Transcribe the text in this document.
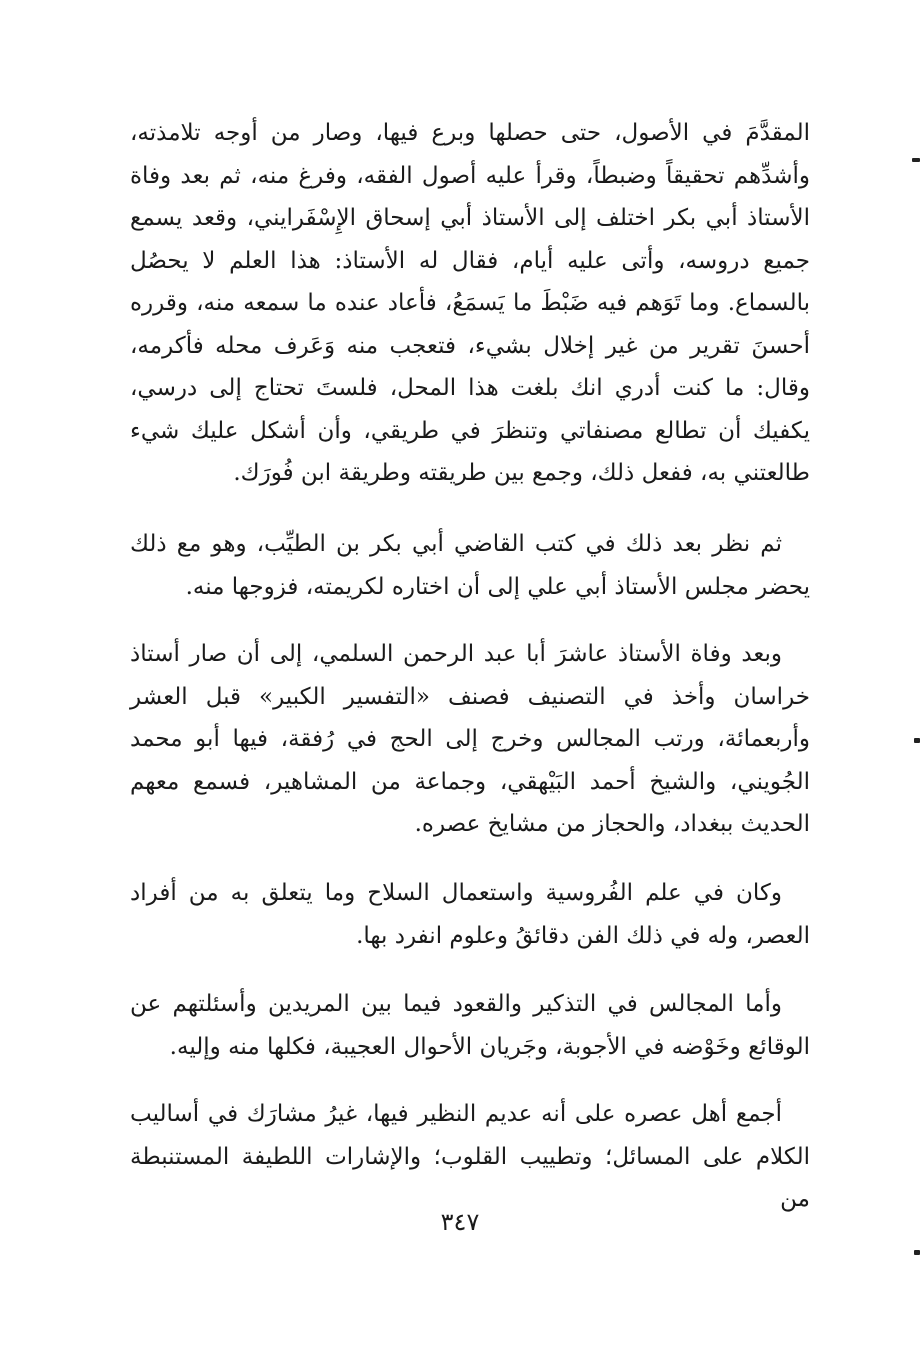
المقدَّمَ في الأصول، حتى حصلها وبرع فيها، وصار من أوجه تلامذته، وأشدِّهم تحقيقاً وضبطاً، وقرأ عليه أصول الفقه، وفرغ منه، ثم بعد وفاة الأستاذ أبي بكر اختلف إلى الأستاذ أبي إسحاق الإِسْفَرايني، وقعد يسمع جميع دروسه، وأتى عليه أيام، فقال له الأستاذ: هذا العلم لا يحصُل بالسماع. وما تَوَهم فيه ضَبْطَ ما يَسمَعُ، فأعاد عنده ما سمعه منه، وقرره أحسنَ تقرير من غير إخلال بشيء، فتعجب منه وَعَرف محله فأكرمه، وقال: ما كنت أدري انك بلغت هذا المحل، فلستَ تحتاج إلى درسي، يكفيك أن تطالع مصنفاتي وتنظرَ في طريقي، وأن أشكل عليك شيء طالعتني به، ففعل ذلك، وجمع بين طريقته وطريقة ابن فُورَك.

ثم نظر بعد ذلك في كتب القاضي أبي بكر بن الطيِّب، وهو مع ذلك يحضر مجلس الأستاذ أبي علي إلى أن اختاره لكريمته، فزوجها منه.

وبعد وفاة الأستاذ عاشرَ أبا عبد الرحمن السلمي، إلى أن صار أستاذ خراسان وأخذ في التصنيف فصنف «التفسير الكبير» قبل العشر وأربعمائة، ورتب المجالس وخرج إلى الحج في رُفقة، فيها أبو محمد الجُويني، والشيخ أحمد البَيْهقي، وجماعة من المشاهير، فسمع معهم الحديث ببغداد، والحجاز من مشايخ عصره.

وكان في علم الفُروسية واستعمال السلاح وما يتعلق به من أفراد العصر، وله في ذلك الفن دقائقُ وعلوم انفرد بها.

وأما المجالس في التذكير والقعود فيما بين المريدين وأسئلتهم عن الوقائع وخَوْضه في الأجوبة، وجَريان الأحوال العجيبة، فكلها منه وإليه.

أجمع أهل عصره على أنه عديم النظير فيها، غيرُ مشارَك في أساليب الكلام على المسائل؛ وتطييب القلوب؛ والإشارات اللطيفة المستنبطة من

٣٤٧
